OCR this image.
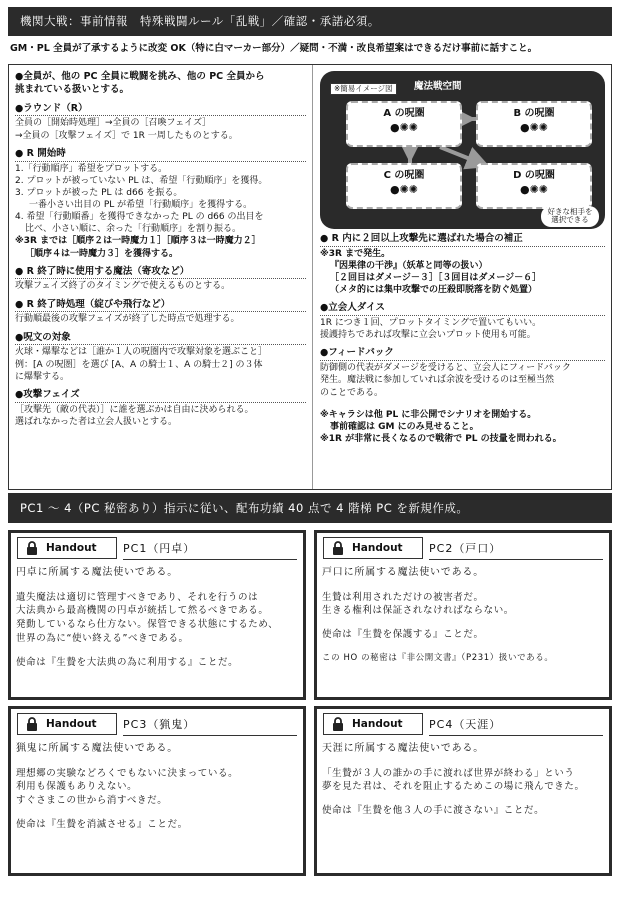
機関大戦：事前情報　特殊戦闘ルール「乱戦」／確認・承諾必須。
GM・PL 全員が了承するように改変 OK（特に白マーカー部分）／疑問・不満・改良希望案はできるだけ事前に話すこと。
●全員が、他の PC 全員に戦闘を挑み、他の PC 全員から
挑まれている扱いとする。
●ラウンド（R）
全員の［開始時処理］→全員の［召喚フェイズ］
→全員の［攻撃フェイズ］で 1R 一周したものとする。
● R 開始時
1.「行動順序」希望をプロットする。
2. プロットが被っていない PL は、希望「行動順序」を獲得。
3. プロットが被った PL は d66 を振る。
一番小さい出目の PL が希望「行動順序」を獲得する。
4. 希望「行動順番」を獲得できなかった PL の d66 の出目を
比べ、小さい順に、余った「行動順序」を割り振る。
※3R までは［順序２は一時魔力１］［順序３は一時魔力２］
［順序４は一時魔力３］を獲得する。
● R 終了時に使用する魔法（寄攻など）
攻撃フェイズ終了のタイミングで使えるものとする。
● R 終了時処理（綻びや飛行など）
行動順最後の攻撃フェイズが終了した時点で処理する。
●呪文の対象
火球・爆撃などは［誰か１人の呪圏内で攻撃対象を選ぶこと］
例：[A の呪圏］を選び [A、A の騎士１、A の騎士２] の３体
に爆撃する。
●攻撃フェイズ
［攻撃先（敵の代表）］に誰を選ぶかは自由に決められる。
選ばれなかった者は立会人扱いとする。
※簡易イメージ図	魔法戦空間
A の呪圏
●✺✺
B の呪圏
●✺✺
C の呪圏
●✺✺
D の呪圏
●✺✺
好きな相手を選択できる
● R 内に２回以上攻撃先に選ばれた場合の補正
※3R まで発生。
『因果律の干渉』（妖革と同等の扱い）
［２回目はダメージ－３］［３回目はダメージ－６］
（メタ的には集中攻撃での圧殺即脱落を防ぐ処置）
●立会人ダイス
1R につき１回、プロットタイミングで置いてもいい。
援護持ちであれば攻撃に立会いプロット使用も可能。
●フィードバック
防御側の代表がダメージを受けると、立会人にフィードバック
発生。魔法戦に参加していれば余波を受けるのは至極当然
のことである。
※キャラシは他 PL に非公開でシナリオを開始する。
事前確認は GM にのみ見せること。
※1R が非常に長くなるので戦術で PL の技量を問われる。
PC1 ～ 4（PC 秘密あり）指示に従い、配布功績 40 点で 4 階梯 PC を新規作成。
Handout PC1（円卓）
円卓に所属する魔法使いである。
遺失魔法は適切に管理すべきであり、それを行うのは
大法典から最高機関の円卓が統括して然るべきである。
発動しているなら仕方ない。保管できる状態にするため、
世界の為に“使い終える”べきである。
使命は『生贄を大法典の為に利用する』ことだ。
Handout PC2（戸口）
戸口に所属する魔法使いである。
生贄は利用されただけの被害者だ。
生きる権利は保証されなければならない。
使命は『生贄を保護する』ことだ。
この HO の秘密は『非公開文書』（P231）扱いである。
Handout PC3（猟鬼）
猟鬼に所属する魔法使いである。
理想郷の実験などろくでもないに決まっている。
利用も保護もありえない。
すぐさまこの世から消すべきだ。
使命は『生贄を消滅させる』ことだ。
Handout PC4（天涯）
天涯に所属する魔法使いである。
「生贄が３人の誰かの手に渡れば世界が終わる」という
夢を見た君は、それを阻止するためこの場に飛んできた。
使命は『生贄を他３人の手に渡さない』ことだ。
